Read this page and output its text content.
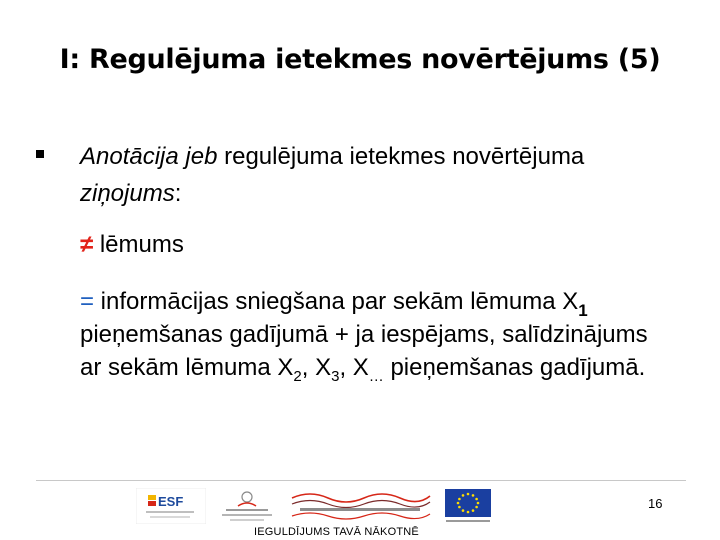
I: Regulējuma ietekmes novērtējums (5)
Anotācija jeb regulējuma ietekmes novērtējuma ziņojums:
≠ lēmums
= informācijas sniegšana par sekām lēmuma $X_1$
pieņemšanas gadījumā + ja iespējams, salīdzinājums
ar sekām lēmuma $X_2$, $X_3$, $X_\dots$ pieņemšanas gadījumā.
ESF	16
IEGULDĪJUMS TAVĀ NĀKOTNĒ
